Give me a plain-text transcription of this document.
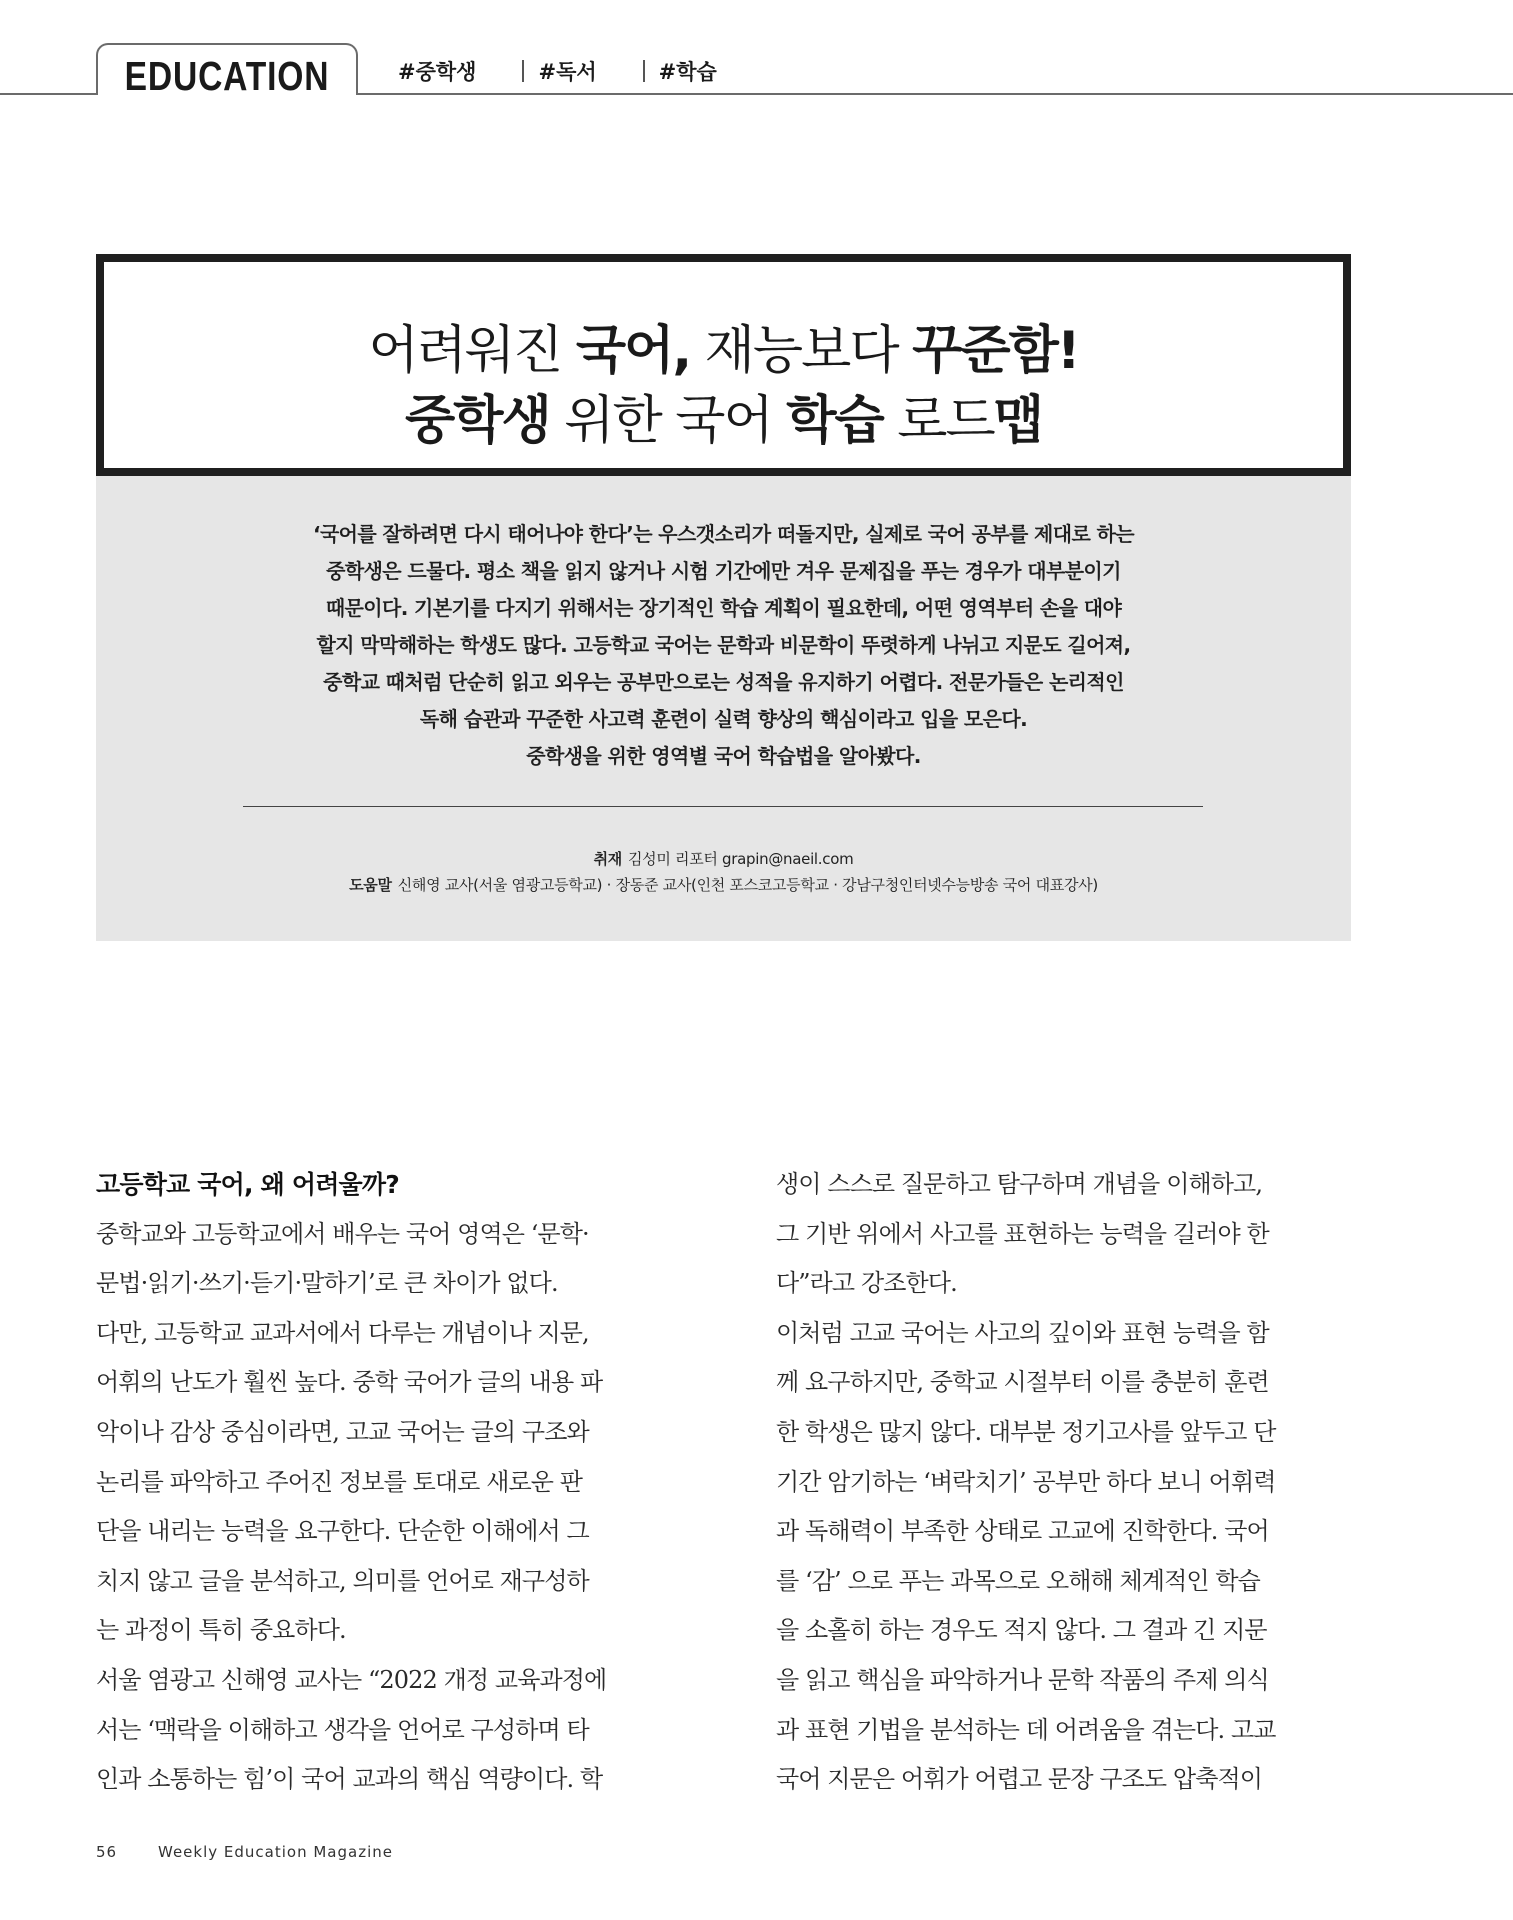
EDUCATION	#중학생	#독서	#학습
어려워진 국어, 재능보다 꾸준함!
중학생 위한 국어 학습 로드맵
‘국어를 잘하려면 다시 태어나야 한다’는 우스갯소리가 떠돌지만, 실제로 국어 공부를 제대로 하는
중학생은 드물다. 평소 책을 읽지 않거나 시험 기간에만 겨우 문제집을 푸는 경우가 대부분이기
때문이다. 기본기를 다지기 위해서는 장기적인 학습 계획이 필요한데, 어떤 영역부터 손을 대야
할지 막막해하는 학생도 많다. 고등학교 국어는 문학과 비문학이 뚜렷하게 나뉘고 지문도 길어져,
중학교 때처럼 단순히 읽고 외우는 공부만으로는 성적을 유지하기 어렵다. 전문가들은 논리적인
독해 습관과 꾸준한 사고력 훈련이 실력 향상의 핵심이라고 입을 모은다.
중학생을 위한 영역별 국어 학습법을 알아봤다.
취재 김성미 리포터 grapin@naeil.com
도움말 신해영 교사(서울 염광고등학교) · 장동준 교사(인천 포스코고등학교 · 강남구청인터넷수능방송 국어 대표강사)
고등학교 국어, 왜 어려울까?
중학교와 고등학교에서 배우는 국어 영역은 ‘문학·
문법·읽기·쓰기·듣기·말하기’로 큰 차이가 없다.
다만, 고등학교 교과서에서 다루는 개념이나 지문,
어휘의 난도가 훨씬 높다. 중학 국어가 글의 내용 파
악이나 감상 중심이라면, 고교 국어는 글의 구조와
논리를 파악하고 주어진 정보를 토대로 새로운 판
단을 내리는 능력을 요구한다. 단순한 이해에서 그
치지 않고 글을 분석하고, 의미를 언어로 재구성하
는 과정이 특히 중요하다.
서울 염광고 신해영 교사는 “2022 개정 교육과정에
서는 ‘맥락을 이해하고 생각을 언어로 구성하며 타
인과 소통하는 힘’이 국어 교과의 핵심 역량이다. 학
생이 스스로 질문하고 탐구하며 개념을 이해하고,
그 기반 위에서 사고를 표현하는 능력을 길러야 한
다”라고 강조한다.
이처럼 고교 국어는 사고의 깊이와 표현 능력을 함
께 요구하지만, 중학교 시절부터 이를 충분히 훈련
한 학생은 많지 않다. 대부분 정기고사를 앞두고 단
기간 암기하는 ‘벼락치기’ 공부만 하다 보니 어휘력
과 독해력이 부족한 상태로 고교에 진학한다. 국어
를 ‘감’ 으로 푸는 과목으로 오해해 체계적인 학습
을 소홀히 하는 경우도 적지 않다. 그 결과 긴 지문
을 읽고 핵심을 파악하거나 문학 작품의 주제 의식
과 표현 기법을 분석하는 데 어려움을 겪는다. 고교
국어 지문은 어휘가 어렵고 문장 구조도 압축적이
56	Weekly Education Magazine
